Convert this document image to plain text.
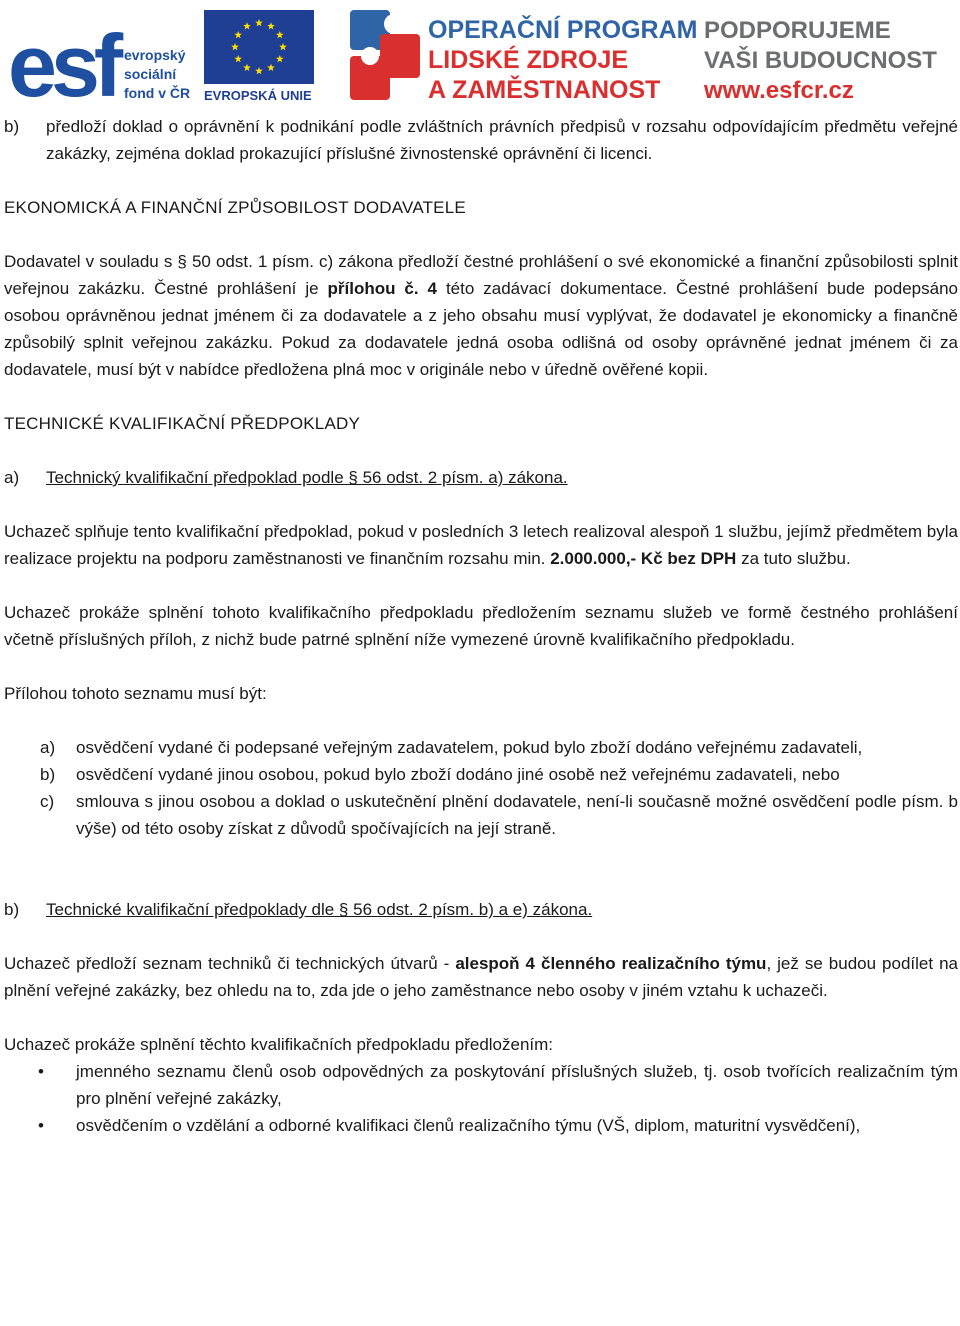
esf evropský
sociální
fond v ČR EVROPSKÁ UNIE
OPERAČNÍ PROGRAM
LIDSKÉ ZDROJE
A ZAMĚSTNANOST
PODPORUJEME
VAŠI BUDOUCNOST
www.esfcr.cz
b)	předloží doklad o oprávnění k podnikání podle zvláštních právních předpisů v rozsahu odpovídajícím předmětu veřejné zakázky, zejména doklad prokazující příslušné živnostenské oprávnění či licenci.

EKONOMICKÁ A FINANČNÍ ZPŮSOBILOST DODAVATELE

Dodavatel v souladu s § 50 odst. 1 písm. c) zákona předloží čestné prohlášení o své ekonomické a finanční způsobilosti splnit veřejnou zakázku. Čestné prohlášení je přílohou č. 4 této zadávací dokumentace. Čestné prohlášení bude podepsáno osobou oprávněnou jednat jménem či za dodavatele a z jeho obsahu musí vyplývat, že dodavatel je ekonomicky a finančně způsobilý splnit veřejnou zakázku. Pokud za dodavatele jedná osoba odlišná od osoby oprávněné jednat jménem či za dodavatele, musí být v nabídce předložena plná moc v originále nebo v úředně ověřené kopii.

TECHNICKÉ KVALIFIKAČNÍ PŘEDPOKLADY

a)	Technický kvalifikační předpoklad podle § 56 odst. 2 písm. a) zákona.

Uchazeč splňuje tento kvalifikační předpoklad, pokud v posledních 3 letech realizoval alespoň 1 službu, jejímž předmětem byla realizace projektu na podporu zaměstnanosti ve finančním rozsahu min. 2.000.000,- Kč bez DPH za tuto službu.

Uchazeč prokáže splnění tohoto kvalifikačního předpokladu předložením seznamu služeb ve formě čestného prohlášení včetně příslušných příloh, z nichž bude patrné splnění níže vymezené úrovně kvalifikačního předpokladu.

Přílohou tohoto seznamu musí být:

a)	osvědčení vydané či podepsané veřejným zadavatelem, pokud bylo zboží dodáno veřejnému zadavateli,
b)	osvědčení vydané jinou osobou, pokud bylo zboží dodáno jiné osobě než veřejnému zadavateli, nebo
c)	smlouva s jinou osobou a doklad o uskutečnění plnění dodavatele, není-li současně možné osvědčení podle písm. b výše) od této osoby získat z důvodů spočívajících na její straně.
b)	Technické kvalifikační předpoklady dle § 56 odst. 2 písm. b) a e) zákona.

Uchazeč předloží seznam techniků či technických útvarů - alespoň 4 členného realizačního týmu, jež se budou podílet na plnění veřejné zakázky, bez ohledu na to, zda jde o jeho zaměstnance nebo osoby v jiném vztahu k uchazeči.

Uchazeč prokáže splnění těchto kvalifikačních předpokladu předložením:

•	jmenného seznamu členů osob odpovědných za poskytování příslušných služeb, tj. osob tvořících realizačním tým pro plnění veřejné zakázky,
•	osvědčením o vzdělání a odborné kvalifikaci členů realizačního týmu (VŠ, diplom, maturitní vysvědčení),
